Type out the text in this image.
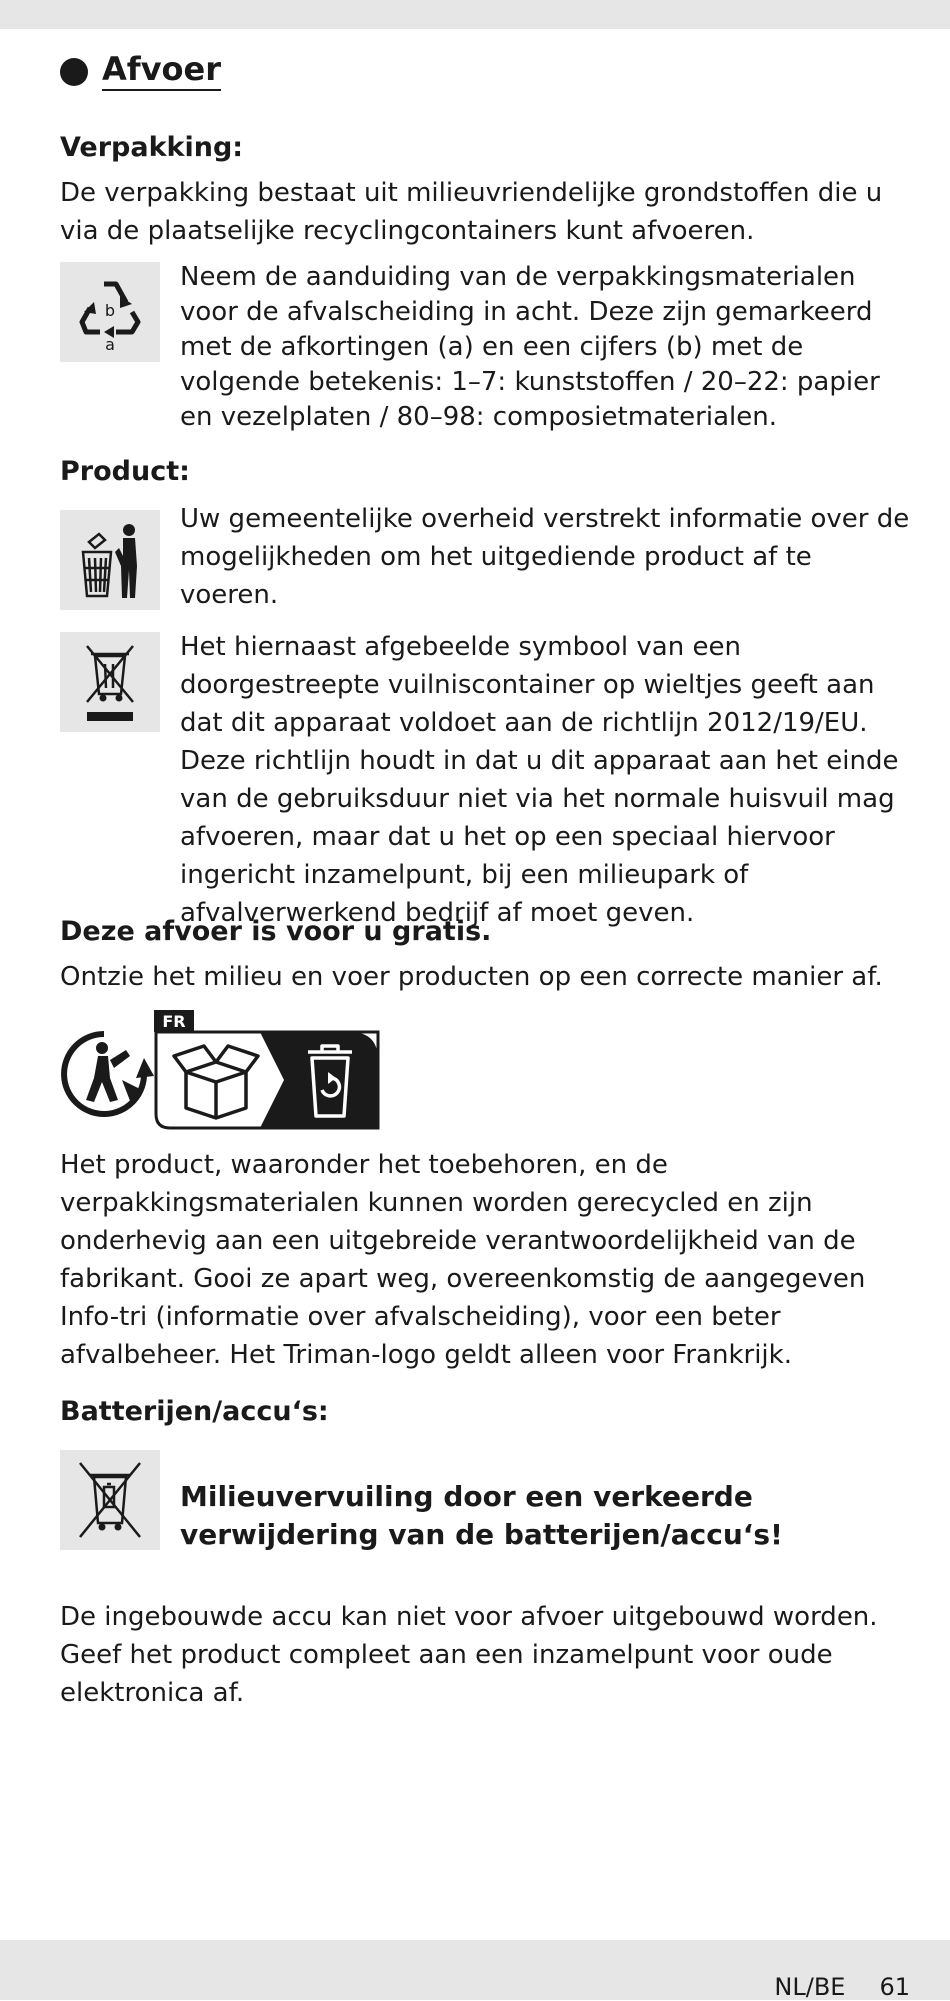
Afvoer
Verpakking:
De verpakking bestaat uit milieuvriendelijke grondstoffen die u via de plaatselijke recyclingcontainers kunt afvoeren.
b
a
Neem de aanduiding van de verpakkingsmaterialen voor de afvalscheiding in acht. Deze zijn gemarkeerd met de afkortingen (a) en een cijfers (b) met de volgende betekenis: 1–7: kunststoffen / 20–22: papier en vezelplaten / 80–98: composietmaterialen.
Product:
Uw gemeentelijke overheid verstrekt informatie over de mogelijkheden om het uitgediende product af te voeren.
Het hiernaast afgebeelde symbool van een doorgestreepte vuilniscontainer op wieltjes geeft aan dat dit apparaat voldoet aan de richtlijn 2012/19/EU. Deze richtlijn houdt in dat u dit apparaat aan het einde van de gebruiksduur niet via het normale huisvuil mag afvoeren, maar dat u het op een speciaal hiervoor ingericht inzamelpunt, bij een milieupark of afvalverwerkend bedrijf af moet geven.
Deze afvoer is voor u gratis.
Ontzie het milieu en voer producten op een correcte manier af.
FR
Het product, waaronder het toebehoren, en de verpakkingsmaterialen kunnen worden gerecycled en zijn onderhevig aan een uitgebreide verantwoordelijkheid van de fabrikant. Gooi ze apart weg, overeenkomstig de aangegeven Info-tri (informatie over afvalscheiding), voor een beter afvalbeheer. Het Triman-logo geldt alleen voor Frankrijk.
Batterijen/accu‘s:
Milieuvervuiling door een verkeerde
verwijdering van de batterijen/accu‘s!
De ingebouwde accu kan niet voor afvoer uitgebouwd worden. Geef het product compleet aan een inzamelpunt voor oude elektronica af.
NL/BE 61
